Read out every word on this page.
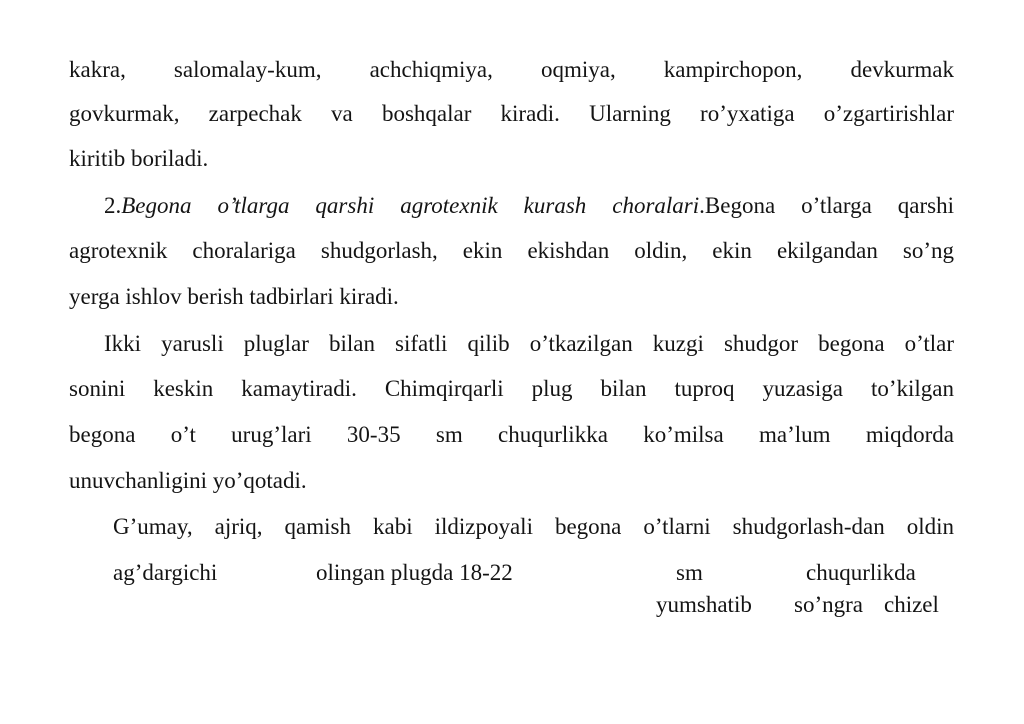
kakra, salomalay-kum, achchiqmiya, oqmiya, kampirchopon, devkurmak
govkurmak, zarpechak va boshqalar kiradi. Ularning ro’yxatiga o’zgartirishlar
kiritib boriladi.
2.Begona o’tlarga qarshi agrotexnik kurash choralari.Begona o’tlarga qarshi
agrotexnik choralariga shudgorlash, ekin ekishdan oldin, ekin ekilgandan so’ng
yerga ishlov berish tadbirlari kiradi.
Ikki yarusli pluglar bilan sifatli qilib o’tkazilgan kuzgi shudgor begona o’tlar
sonini keskin kamaytiradi. Chimqirqarli plug bilan tuproq yuzasiga to’kilgan
begona o’t urug’lari 30-35 sm chuqurlikka ko’milsa ma’lum miqdorda
unuvchanligini yo’qotadi.
G’umay, ajriq, qamish kabi ildizpoyali begona o’tlarni shudgorlash-dan oldin
ag’dargichi	olingan plugda 18-22	sm	chuqurlikda
yumshatib so’ngra chizel
